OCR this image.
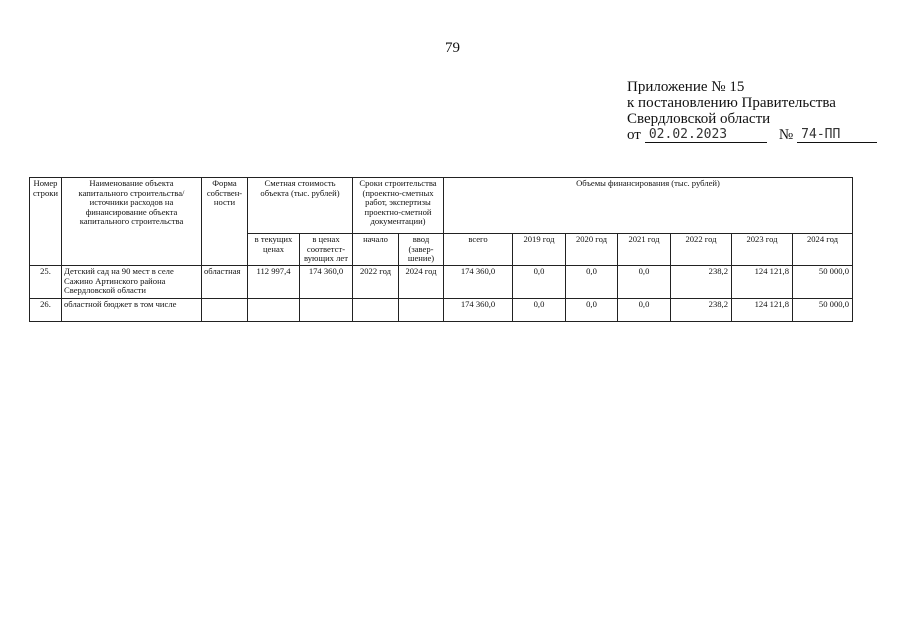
79
Приложение № 15
к постановлению Правительства
Свердловской области
от 02.02.2023	№ 74-ПП
Номер строки	Наименование объекта капитального строительства/ источники расходов на финансирование объекта капитального строительства	Форма собствен-ности	Сметная стоимость объекта (тыс. рублей)		Сроки строительства (проектно-сметных работ, экспертизы проектно-сметной документации)		Объемы финансирования (тыс. рублей)						
			в текущих ценах	в ценах соответст-вующих лет	начало	ввод (завер-шение)	всего	2019 год	2020 год	2021 год	2022 год	2023 год	2024 год
25.	Детский сад на 90 мест в селе Сажино Артинского района Свердловской области	областная	112 997,4	174 360,0	2022 год	2024 год	174 360,0	0,0	0,0	0,0	238,2	124 121,8	50 000,0
26.	областной бюджет в том числе						174 360,0	0,0	0,0	0,0	238,2	124 121,8	50 000,0
